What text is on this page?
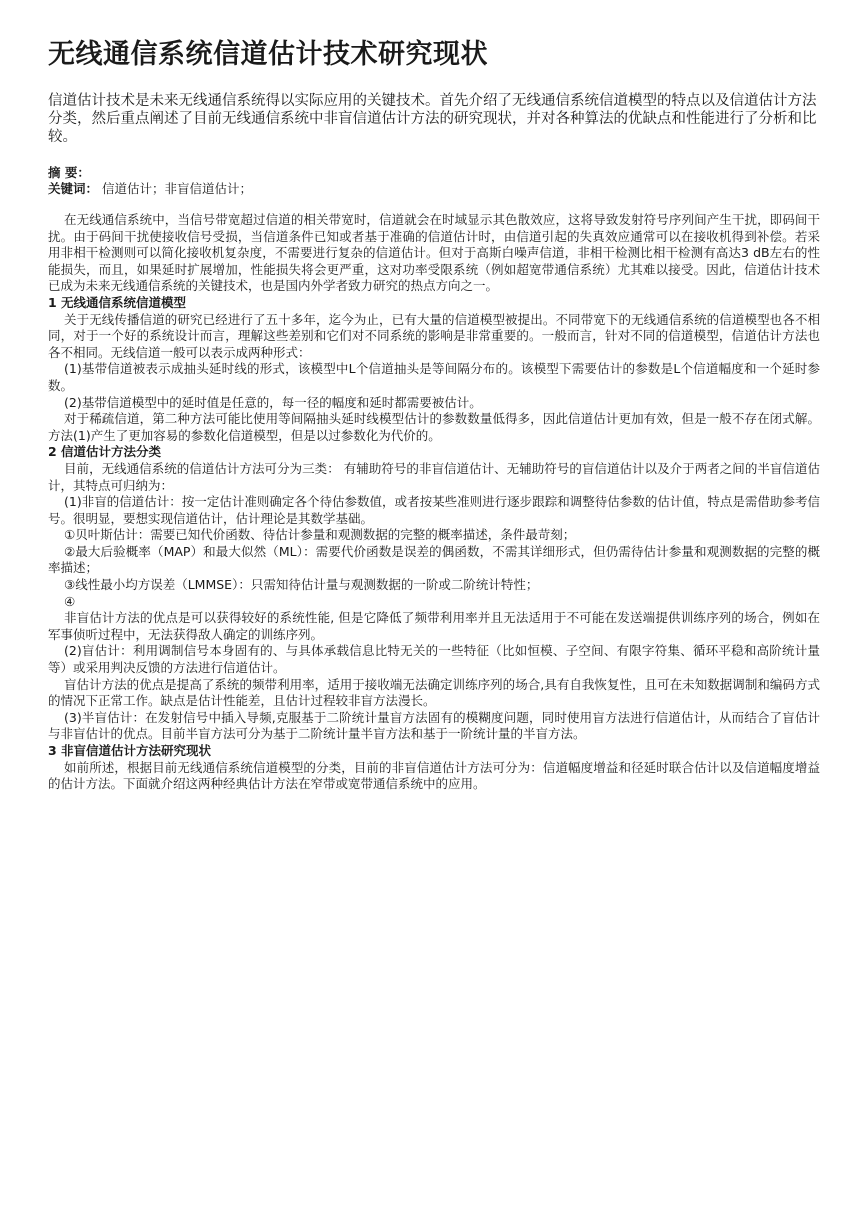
无线通信系统信道估计技术研究现状

信道估计技术是未来无线通信系统得以实际应用的关键技术。首先介绍了无线通信系统信道模型的特点以及信道估计方法分类，然后重点阐述了目前无线通信系统中非盲信道估计方法的研究现状，并对各种算法的优缺点和性能进行了分析和比较。

摘 要：
关键词： 信道估计；非盲信道估计；

在无线通信系统中，当信号带宽超过信道的相关带宽时，信道就会在时域显示其色散效应，这将导致发射符号序列间产生干扰，即码间干扰。由于码间干扰使接收信号受损，当信道条件已知或者基于准确的信道估计时，由信道引起的失真效应通常可以在接收机得到补偿。若采用非相干检测则可以简化接收机复杂度，不需要进行复杂的信道估计。但对于高斯白噪声信道，非相干检测比相干检测有高达3 dB左右的性能损失，而且，如果延时扩展增加，性能损失将会更严重，这对功率受限系统（例如超宽带通信系统）尤其难以接受。因此，信道估计技术已成为未来无线通信系统的关键技术，也是国内外学者致力研究的热点方向之一。

1 无线通信系统信道模型

关于无线传播信道的研究已经进行了五十多年，迄今为止，已有大量的信道模型被提出。不同带宽下的无线通信系统的信道模型也各不相同，对于一个好的系统设计而言，理解这些差别和它们对不同系统的影响是非常重要的。一般而言，针对不同的信道模型，信道估计方法也各不相同。无线信道一般可以表示成两种形式：

(1)基带信道被表示成抽头延时线的形式，该模型中L个信道抽头是等间隔分布的。该模型下需要估计的参数是L个信道幅度和一个延时参数。

(2)基带信道模型中的延时值是任意的，每一径的幅度和延时都需要被估计。

对于稀疏信道，第二种方法可能比使用等间隔抽头延时线模型估计的参数数量低得多，因此信道估计更加有效，但是一般不存在闭式解。方法(1)产生了更加容易的参数化信道模型，但是以过参数化为代价的。

2 信道估计方法分类

目前，无线通信系统的信道估计方法可分为三类： 有辅助符号的非盲信道估计、无辅助符号的盲信道估计以及介于两者之间的半盲信道估计，其特点可归纳为：

(1)非盲的信道估计：按一定估计准则确定各个待估参数值，或者按某些准则进行逐步跟踪和调整待估参数的估计值，特点是需借助参考信号。很明显，要想实现信道估计，估计理论是其数学基础。

①贝叶斯估计：需要已知代价函数、待估计参量和观测数据的完整的概率描述，条件最苛刻；

②最大后验概率（MAP）和最大似然（ML）：需要代价函数是误差的偶函数，不需其详细形式，但仍需待估计参量和观测数据的完整的概率描述；

③线性最小均方误差（LMMSE）：只需知待估计量与观测数据的一阶或二阶统计特性；

④

非盲估计方法的优点是可以获得较好的系统性能, 但是它降低了频带利用率并且无法适用于不可能在发送端提供训练序列的场合，例如在军事侦听过程中，无法获得敌人确定的训练序列。

(2)盲估计：利用调制信号本身固有的、与具体承载信息比特无关的一些特征（比如恒模、子空间、有限字符集、循环平稳和高阶统计量等）或采用判决反馈的方法进行信道估计。

盲估计方法的优点是提高了系统的频带利用率，适用于接收端无法确定训练序列的场合,具有自我恢复性，且可在未知数据调制和编码方式的情况下正常工作。缺点是估计性能差，且估计过程较非盲方法漫长。

(3)半盲估计：在发射信号中插入导频,克服基于二阶统计量盲方法固有的模糊度问题，同时使用盲方法进行信道估计，从而结合了盲估计与非盲估计的优点。目前半盲方法可分为基于二阶统计量半盲方法和基于一阶统计量的半盲方法。

3 非盲信道估计方法研究现状

如前所述，根据目前无线通信系统信道模型的分类，目前的非盲信道估计方法可分为：信道幅度增益和径延时联合估计以及信道幅度增益的估计方法。下面就介绍这两种经典估计方法在窄带或宽带通信系统中的应用。
